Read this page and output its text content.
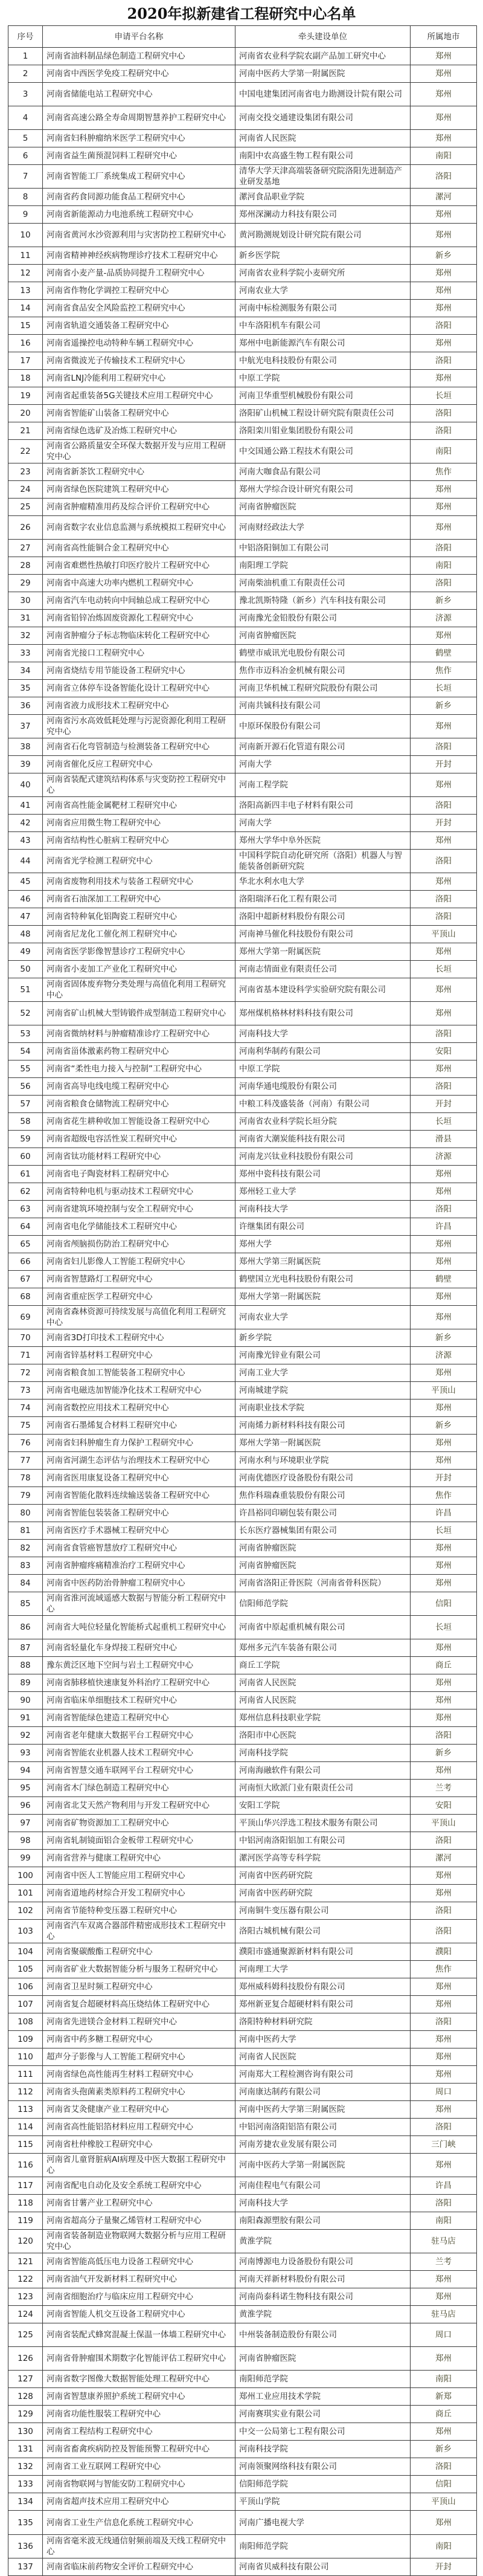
2020年拟新建省工程研究中心名单
序号	申请平台名称	牵头建设单位	所属地市
1	河南省油料制品绿色制造工程研究中心	河南省农业科学院农副产品加工研究中心	郑州
2	河南省中西医学免疫工程研究中心	河南中医药大学第一附属医院	郑州
3	河南省储能电站工程研究中心	中国电建集团河南省电力勘测设计院有限公司	郑州
4	河南省高速公路全寿命周期智慧养护工程研究中心	河南交投交通建设集团有限公司	郑州
5	河南省妇科肿瘤纳米医学工程研究中心	河南省人民医院	郑州
6	河南省益生菌预混饲料工程研究中心	南阳中农高盛生物工程有限公司	南阳
7	河南省智能工厂系统集成工程研究中心	清华大学天津高端装备研究院洛阳先进制造产业研发基地	洛阳
8	河南省药食同源功能食品工程研究中心	漯河食品职业学院	漯河
9	河南省新能源动力电池系统工程研究中心	郑州深澜动力科技有限公司	郑州
10	河南省黄河水沙资源利用与灾害防控工程研究中心	黄河勘测规划设计研究院有限公司	郑州
11	河南省精神神经疾病物理诊疗技术工程研究中心	新乡医学院	新乡
12	河南省小麦产量-品质协同提升工程研究中心	河南省农业科学院小麦研究所	郑州
13	河南省作物化学调控工程研究中心	河南农业大学	郑州
14	河南省食品安全风险监控工程研究中心	河南中标检测服务有限公司	郑州
15	河南省轨道交通装备工程研究中心	中车洛阳机车有限公司	洛阳
16	河南省遥操控电动特种车辆工程研究中心	郑州中电新能源汽车有限公司	郑州
17	河南省微波光子传输技术工程研究中心	中航光电科技股份有限公司	洛阳
18	河南省LNJ冷能利用工程研究中心	中原工学院	郑州
19	河南省起重装备5G关键技术应用工程研究中心	河南卫华重型机械股份有限公司	长垣
20	河南省智能矿山装备工程研究中心	洛阳矿山机械工程设计研究院有限责任公司	洛阳
21	河南省绿色选矿及冶炼工程研究中心	洛阳栾川钼业集团股份有限公司	洛阳
22	河南省公路质量安全环保大数据开发与应用工程研究中心	中交国通公路工程技术有限公司	南阳
23	河南省新茶饮工程研究中心	河南大咖食品有限公司	焦作
24	河南省绿色医院建筑工程研究中心	郑州大学综合设计研究有限公司	郑州
25	河南省肿瘤精准用药及综合评价工程研究中心	河南省肿瘤医院	郑州
26	河南省数字农业信息监测与系统模拟工程研究中心	河南财经政法大学	郑州
27	河南省高性能铜合金工程研究中心	中铝洛阳铜加工有限公司	洛阳
28	河南省难燃性热敏打印医疗胶片工程研究中心	南阳理工学院	南阳
29	河南省中高速大功率内燃机工程研究中心	河南柴油机重工有限责任公司	洛阳
30	河南省汽车电动转向中间轴总成工程研究中心	豫北凯斯特隆（新乡）汽车科技有限公司	新乡
31	河南省铅锌冶炼固废资源化工程研究中心	河南豫光金铅股份有限公司	济源
32	河南省肿瘤分子标志物临床转化工程研究中心	河南省肿瘤医院	郑州
33	河南省光接口工程研究中心	鹤壁市威讯光电股份有限公司	鹤壁
34	河南省烧结专用节能设备工程研究中心	焦作市迈科冶金机械有限公司	焦作
35	河南省立体停车设备智能化设计工程研究中心	河南卫华机械工程研究院股份有限公司	长垣
36	河南省液力成形技术工程研究中心	河南共铖科技有限公司	新乡
37	河南省污水高效低耗处理与污泥资源化利用工程研究中心	中原环保股份有限公司	郑州
38	河南省石化弯管制造与检测装备工程研究中心	河南新开源石化管道有限公司	洛阳
39	河南省催化反应工程研究中心	河南大学	开封
40	河南省装配式建筑结构体系与灾变防控工程研究中心	河南工程学院	郑州
41	河南省高性能金属靶材工程研究中心	洛阳高新四丰电子材料有限公司	洛阳
42	河南省应用微生物工程研究中心	河南大学	开封
43	河南省结构性心脏病工程研究中心	郑州大学华中阜外医院	郑州
44	河南省光学检测工程研究中心	中国科学院自动化研究所（洛阳）机器人与智能装备创新研究院	洛阳
45	河南省废物利用技术与装备工程研究中心	华北水利水电大学	郑州
46	河南省石油深加工工程研究中心	洛阳瑞泽石化工程有限公司	洛阳
47	河南省特种氧化铝陶瓷工程研究中心	洛阳中超新材料股份有限公司	洛阳
48	河南省尼龙化工催化剂工程研究中心	河南神马催化科技股份有限公司	平顶山
49	河南省医学影像智慧诊疗工程研究中心	郑州大学第一附属医院	郑州
50	河南省小麦加工产业化工程研究中心	河南志情面业有限责任公司	长垣
51	河南省固体废弃物分类处理与高值化利用工程研究中心	河南省基本建设科学实验研究院有限公司	郑州
52	河南省矿山机械大型铸锻件成型制造工程研究中心	郑州煤机格林材料科技有限公司	郑州
53	河南省微纳材料与肿瘤精准诊疗工程研究中心	河南科技大学	洛阳
54	河南省甾体激素药物工程研究中心	河南利华制药有限公司	安阳
55	河南省“柔性电力接入与控制”工程研究中心	中原工学院	郑州
56	河南省高导电线电缆工程研究中心	河南华通电缆股份有限公司	洛阳
57	河南省粮食仓储物流工程研究中心	中粮工科茂盛装备（河南）有限公司	开封
58	河南省花生耕种收加工智能设备工程研究中心	河南省农业科学院长垣分院	长垣
59	河南省超级电容活性炭工程研究中心	河南省大潮炭能科技有限公司	滑县
60	河南省钛功能材料工程研究中心	河南龙兴钛业科技股份有限公司	济源
61	河南省电子陶瓷材料工程研究中心	郑州中瓷科技有限公司	郑州
62	河南省特种电机与驱动技术工程研究中心	郑州轻工业大学	郑州
63	河南省建筑环境控制与安全工程研究中心	河南科技大学	洛阳
64	河南省电化学储能技术工程研究中心	许继集团有限公司	许昌
65	河南省颅脑损伤防治工程研究中心	郑州大学	郑州
66	河南省妇儿影像人工智能工程研究中心	郑州大学第三附属医院	郑州
67	河南省智慧路灯工程研究中心	鹤壁国立光电科技股份有限公司	鹤壁
68	河南省重症医学工程研究中心	郑州大学第一附属医院	郑州
69	河南省森林资源可持续发展与高值化利用工程研究中心	河南农业大学	郑州
70	河南省3D打印技术工程研究中心	新乡学院	新乡
71	河南省锌基材料工程研究中心	河南豫光锌业有限公司	济源
72	河南省粮食加工智能装备工程研究中心	河南工业大学	郑州
73	河南省电磁迭加智能净化技术工程研究中心	河南城建学院	平顶山
74	河南省数控应用技术工程研究中心	河南职业技术学院	郑州
75	河南省石墨烯复合材料工程研究中心	河南烯力新材料科技有限公司	新乡
76	河南省妇科肿瘤生育力保护工程研究中心	郑州大学第一附属医院	郑州
77	河南省河湖生态评估与治理技术工程研究中心	河南水利与环境职业学院	郑州
78	河南省医用康复设备工程研究中心	河南优德医疗设备股份有限公司	开封
79	河南省智能化散料连续输送装备工程研究中心	焦作科瑞森重装股份有限公司	焦作
80	河南省智能包装装备工程研究中心	许昌裕同印刷包装有限公司	许昌
81	河南省医疗手术器械工程研究中心	长东医疗器械集团有限公司	长垣
82	河南省食管癌智慧放疗工程研究中心	河南省肿瘤医院	郑州
83	河南省肿瘤疼痛精准治疗工程研究中心	河南省肿瘤医院	郑州
84	河南省中医药防治骨肿瘤工程研究中心	河南省洛阳正骨医院（河南省骨科医院）	郑州
85	河南省淮河流域遥感大数据与智能分析工程研究中心	信阳师范学院	信阳
86	河南省大吨位轻量化智能桥式起重机工程研究中心	河南省中原起重机械有限公司	长垣
87	河南省轻量化车身焊接工程研究中心	郑州多元汽车装备有限公司	郑州
88	豫东黄泛区地下空间与岩土工程研究中心	商丘工学院	商丘
89	河南省肺移植快速康复外科治疗工程研究中心	河南省人民医院	郑州
90	河南省临床单细胞技术工程研究中心	河南省人民医院	郑州
91	河南省智能绿色建造工程研究中心	郑州信息科技职业学院	郑州
92	河南省老年健康大数据平台工程研究中心	洛阳市中心医院	洛阳
93	河南省智能农业机器人技术工程研究中心	河南科技学院	新乡
94	河南省智慧交通车联网平台工程研究中心	河南海融软件有限公司	郑州
95	河南省木门绿色制造工程研究中心	河南恒大欧派门业有限责任公司	兰考
96	河南省北艾天然产物利用与开发工程研究中心	安阳工学院	安阳
97	河南省矿物资源加工工程研究中心	平顶山华兴浮选工程技术服务有限公司	平顶山
98	河南省轧制镜面铝合金板带工程研究中心	中铝河南洛阳铝加工有限公司	洛阳
99	河南省营养与健康工程研究中心	漯河医学高等专科学院	漯河
100	河南省中医人工智能应用工程研究中心	河南省中医药研究院	郑州
101	河南省道地药材综合开发工程研究中心	河南省中医药研究院	郑州
102	河南省节能特种变压器工程研究中心	河南铜牛变压器有限公司	洛阳
103	河南省汽车双离合器部件精密成形技术工程研究中心	洛阳古城机械有限公司	洛阳
104	河南省聚碳酸酯工程研究中心	濮阳市盛通聚源新材料有限公司	濮阳
105	河南省矿业大数据智能分析与服务工程研究中心	河南理工大学	焦作
106	河南省卫星时频工程研究中心	郑州威科姆科技股份有限公司	郑州
107	河南省复合超硬材料高压烧结体工程研究中心	郑州新亚复合超硬材料有限公司	郑州
108	河南省先进镁合金材料工程研究中心	洛阳特种材料研究院	洛阳
109	河南省中药多糖工程研究中心	河南中医药大学	郑州
110	超声分子影像与人工智能工程研究中心	河南省人民医院	郑州
111	河南省绿色高性能再生材料工程研究中心	河南郑大工程检测咨询有限公司	郑州
112	河南省头孢菌素类原料药工程研究中心	河南康达制药有限公司	周口
113	河南省艾灸健康产业工程研究中心	河南中医药大学第三附属医院	郑州
114	河南省高性能铝箔材料应用工程研究中心	中铝河南洛阳铝箔有限公司	洛阳
115	河南省杜仲橡胶工程研究中心	河南芳捷农业发展有限公司	三门峡
116	河南省儿童肾脏病AI病理及中医大数据工程研究中心	河南中医药大学第一附属医院	郑州
117	河南省配电自动化及安全系统工程研究中心	河南佳程电气有限公司	许昌
118	河南省甘薯产业工程研究中心	河南科技大学	洛阳
119	河南省超高分子量聚乙烯管材工程研究中心	南阳森源塑胶有限公司	南阳
120	河南省装备制造业物联网大数据分析与应用工程研究中心	黄淮学院	驻马店
121	河南省智能高低压电力设备工程研究中心	河南博源电力设备股份有限公司	兰考
122	河南省油气开发新材料工程研究中心	河南天祥新材料股份有限公司	郑州
123	河南省细胞治疗与临床应用工程研究中心	河南尚泰科诺生物科技有限公司	郑州
124	河南省智能人机交互设备工程研究中心	黄淮学院	驻马店
125	河南省装配式蜂窝混凝土保温一体墙工程研究中心	中州装备制造股份有限公司	周口
126	河南省骨肿瘤围术期数字化智能评估工程研究中心	河南省肿瘤医院	郑州
127	河南省数字图像大数据智能处理工程研究中心	南阳师范学院	南阳
128	河南省智慧康养照护系统工程研究中心	郑州工业应用技术学院	新郑
129	河南省功能性服装工程研究中心	河南赛琪实业有限公司	商丘
130	河南省工程结构工程研究中心	中交一公局第七工程有限公司	郑州
131	河南省畜禽疾病防控及智能预警工程研究中心	河南科技学院	新乡
132	河南省工业互联网工程研究中心	河南领聚网络科技有限公司	洛阳
133	河南省物联网与智能安防工程研究中心	信阳师范学院	信阳
134	河南省超声技术应用工程研究中心	平顶山学院	平顶山
135	河南省工业生产信息化系统工程研究中心	河南广播电视大学	郑州
136	河南省毫米波无线通信射频前端及天线工程研究中心	南阳师范学院	南阳
137	河南省临床前药物安全评价工程研究中心	河南省贝威科技有限公司	开封
